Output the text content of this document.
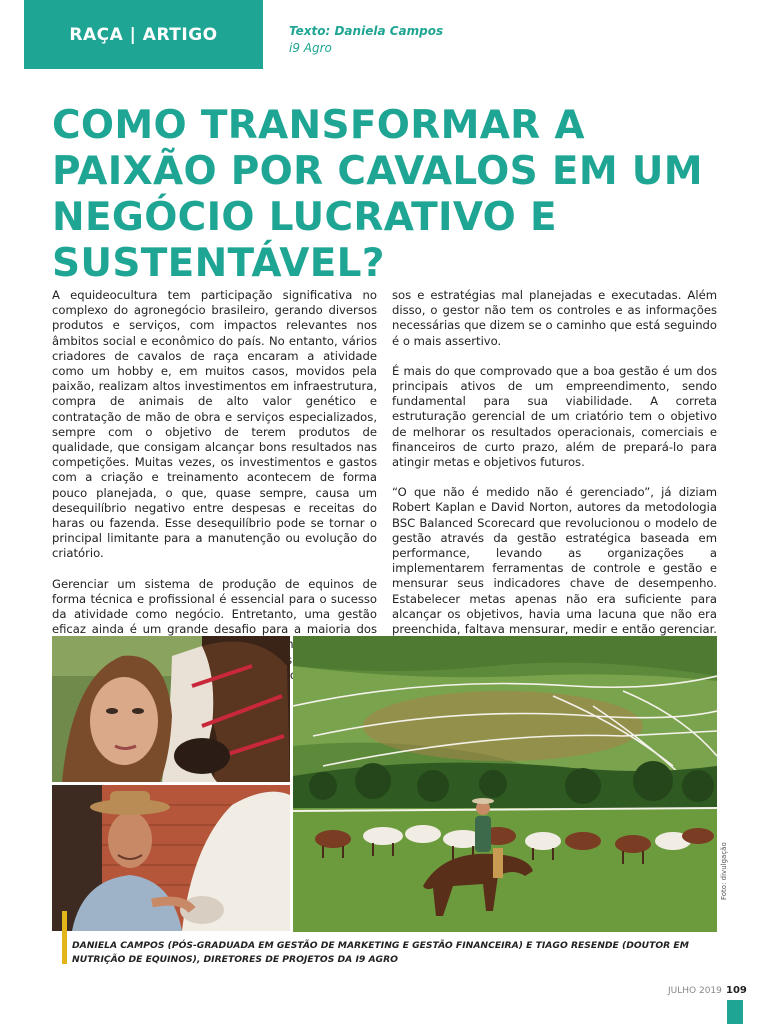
RAÇA | ARTIGO	Texto: Daniela Campos
i9 Agro
COMO TRANSFORMAR A PAIXÃO POR CAVALOS EM UM NEGÓCIO LUCRATIVO E SUSTENTÁVEL?

A equideocultura tem participação significativa no complexo do agronegócio brasileiro, gerando diversos produtos e serviços, com impactos relevantes nos âmbitos social e econômico do país. No entanto, vários criadores de cavalos de raça encaram a atividade como um hobby e, em muitos casos, movidos pela paixão, realizam altos investimentos em infraestrutura, compra de animais de alto valor genético e contratação de mão de obra e serviços especializados, sempre com o objetivo de terem produtos de qualidade, que consigam alcançar bons resultados nas competições. Muitas vezes, os investimentos e gastos com a criação e treinamento acontecem de forma pouco planejada, o que, quase sempre, causa um desequilíbrio negativo entre despesas e receitas do haras ou fazenda. Esse desequilíbrio pode se tornar o principal limitante para a manutenção ou evolução do criatório.

Gerenciar um sistema de produção de equinos de forma técnica e profissional é essencial para o sucesso da atividade como negócio. Entretanto, uma gestão eficaz ainda é um grande desafio para a maioria dos

sos e estratégias mal planejadas e executadas. Além disso, o gestor não tem os controles e as informações necessárias que dizem se o caminho que está seguindo é o mais assertivo.

É mais do que comprovado que a boa gestão é um dos principais ativos de um empreendimento, sendo fundamental para sua viabilidade. A correta estruturação gerencial de um criatório tem o objetivo de melhorar os resultados operacionais, comerciais e financeiros de curto prazo, além de prepará-lo para atingir metas e objetivos futuros.

“O que não é medido não é gerenciado”, já diziam Robert Kaplan e David Norton, autores da metodologia BSC Balanced Scorecard que revolucionou o modelo de gestão através da gestão estratégica baseada em performance, levando as organizações a implementarem ferramentas de controle e gestão e mensurar seus indicadores chave de desempenho. Estabelecer metas apenas não era suficiente para alcançar os objetivos, havia uma lacuna que não era preenchida, faltava mensurar, medir e então gerenciar.

Foto: divulgação
DANIELA CAMPOS (PÓS-GRADUADA EM GESTÃO DE MARKETING E GESTÃO FINANCEIRA) E TIAGO RESENDE (DOUTOR EM NUTRIÇÃO DE EQUINOS), DIRETORES DE PROJETOS DA I9 AGRO
JULHO 2019 109
